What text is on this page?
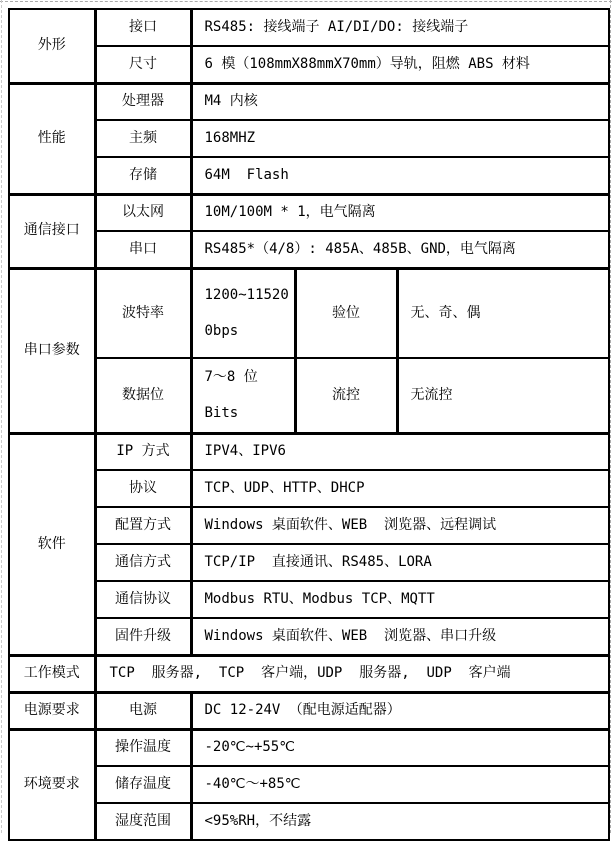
外形	接口	RS485: 接线端子 AI/DI/DO: 接线端子		
	尺寸	6 模（108mmX88mmX70mm）导轨，阻燃 ABS 材料		
性能	处理器	M4 内核		
	主频	168MHZ		
	存储	64M  Flash		
通信接口	以太网	10M/100M * 1，电气隔离		
	串口	RS485*（4/8）: 485A、485B、GND，电气隔离		
串口参数	波特率	1200~115200bps	验位	无、奇、偶
	数据位	7～8 位 Bits	流控	无流控
软件	IP 方式	IPV4、IPV6		
	协议	TCP、UDP、HTTP、DHCP		
	配置方式	Windows 桌面软件、WEB  浏览器、远程调试		
	通信方式	TCP/IP  直接通讯、RS485、LORA		
	通信协议	Modbus RTU、Modbus TCP、MQTT		
	固件升级	Windows 桌面软件、WEB  浏览器、串口升级		
工作模式	TCP  服务器,  TCP  客户端，UDP  服务器,  UDP  客户端			
电源要求	电源	DC 12-24V （配电源适配器）		
环境要求	操作温度	-20℃~+55℃		
	储存温度	-40℃～+85℃		
	湿度范围	<95%RH，不结露		
